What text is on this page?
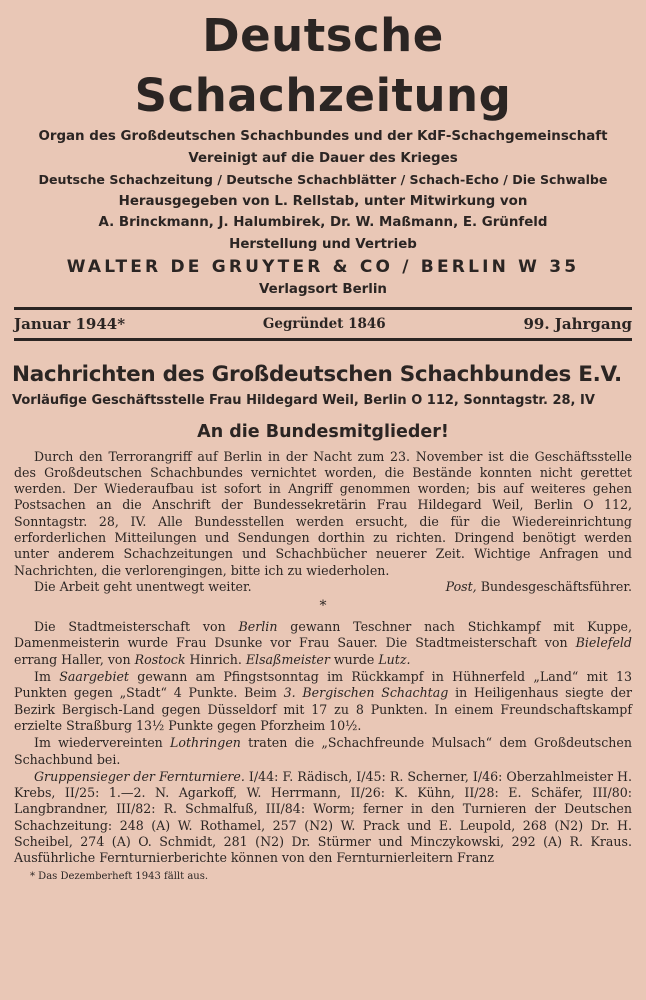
Deutsche Schachzeitung
Organ des Großdeutschen Schachbundes und der KdF-Schachgemeinschaft
Vereinigt auf die Dauer des Krieges
Deutsche Schachzeitung / Deutsche Schachblätter / Schach-Echo / Die Schwalbe
Herausgegeben von L. Rellstab, unter Mitwirkung von
A. Brinckmann, J. Halumbirek, Dr. W. Maßmann, E. Grünfeld
Herstellung und Vertrieb
WALTER DE GRUYTER & CO / BERLIN W 35
Verlagsort Berlin
Januar 1944*	Gegründet 1846	99. Jahrgang
Nachrichten des Großdeutschen Schachbundes E.V.
Vorläufige Geschäftsstelle Frau Hildegard Weil, Berlin O 112, Sonntagstr. 28, IV
An die Bundesmitglieder!

Durch den Terrorangriff auf Berlin in der Nacht zum 23. November ist die Geschäftsstelle des Großdeutschen Schachbundes vernichtet worden, die Bestände konnten nicht gerettet werden. Der Wiederaufbau ist sofort in Angriff genommen worden; bis auf weiteres gehen Postsachen an die Anschrift der Bundessekretärin Frau Hildegard Weil, Berlin O 112, Sonntagstr. 28, IV. Alle Bundesstellen werden ersucht, die für die Wiedereinrichtung erforderlichen Mitteilungen und Sendungen dorthin zu richten. Dringend benötigt werden unter anderem Schachzeitungen und Schachbücher neuerer Zeit. Wichtige Anfragen und Nachrichten, die verlorengingen, bitte ich zu wiederholen.

Die Arbeit geht unentwegt weiter.	Post, Bundesgeschäftsführer.

*

Die Stadtmeisterschaft von Berlin gewann Teschner nach Stichkampf mit Kuppe, Damenmeisterin wurde Frau Dsunke vor Frau Sauer. Die Stadtmeisterschaft von Bielefeld errang Haller, von Rostock Hinrich. Elsaßmeister wurde Lutz.

Im Saargebiet gewann am Pfingstsonntag im Rückkampf in Hühnerfeld „Land“ mit 13 Punkten gegen „Stadt“ 4 Punkte. Beim 3. Bergischen Schachtag in Heiligenhaus siegte der Bezirk Bergisch-Land gegen Düsseldorf mit 17 zu 8 Punkten. In einem Freundschaftskampf erzielte Straßburg 13½ Punkte gegen Pforzheim 10½.

Im wiedervereinten Lothringen traten die „Schachfreunde Mulsach“ dem Großdeutschen Schachbund bei.

Gruppensieger der Fernturniere. I/44: F. Rädisch, I/45: R. Scherner, I/46: Oberzahlmeister H. Krebs, II/25: 1.—2. N. Agarkoff, W. Herrmann, II/26: K. Kühn, II/28: E. Schäfer, III/80: Langbrandner, III/82: R. Schmalfuß, III/84: Worm; ferner in den Turnieren der Deutschen Schachzeitung: 248 (A) W. Rothamel, 257 (N2) W. Prack und E. Leupold, 268 (N2) Dr. H. Scheibel, 274 (A) O. Schmidt, 281 (N2) Dr. Stürmer und Minczykowski, 292 (A) R. Kraus. Ausführliche Fernturnierberichte können von den Fernturnierleitern Franz

* Das Dezemberheft 1943 fällt aus.
